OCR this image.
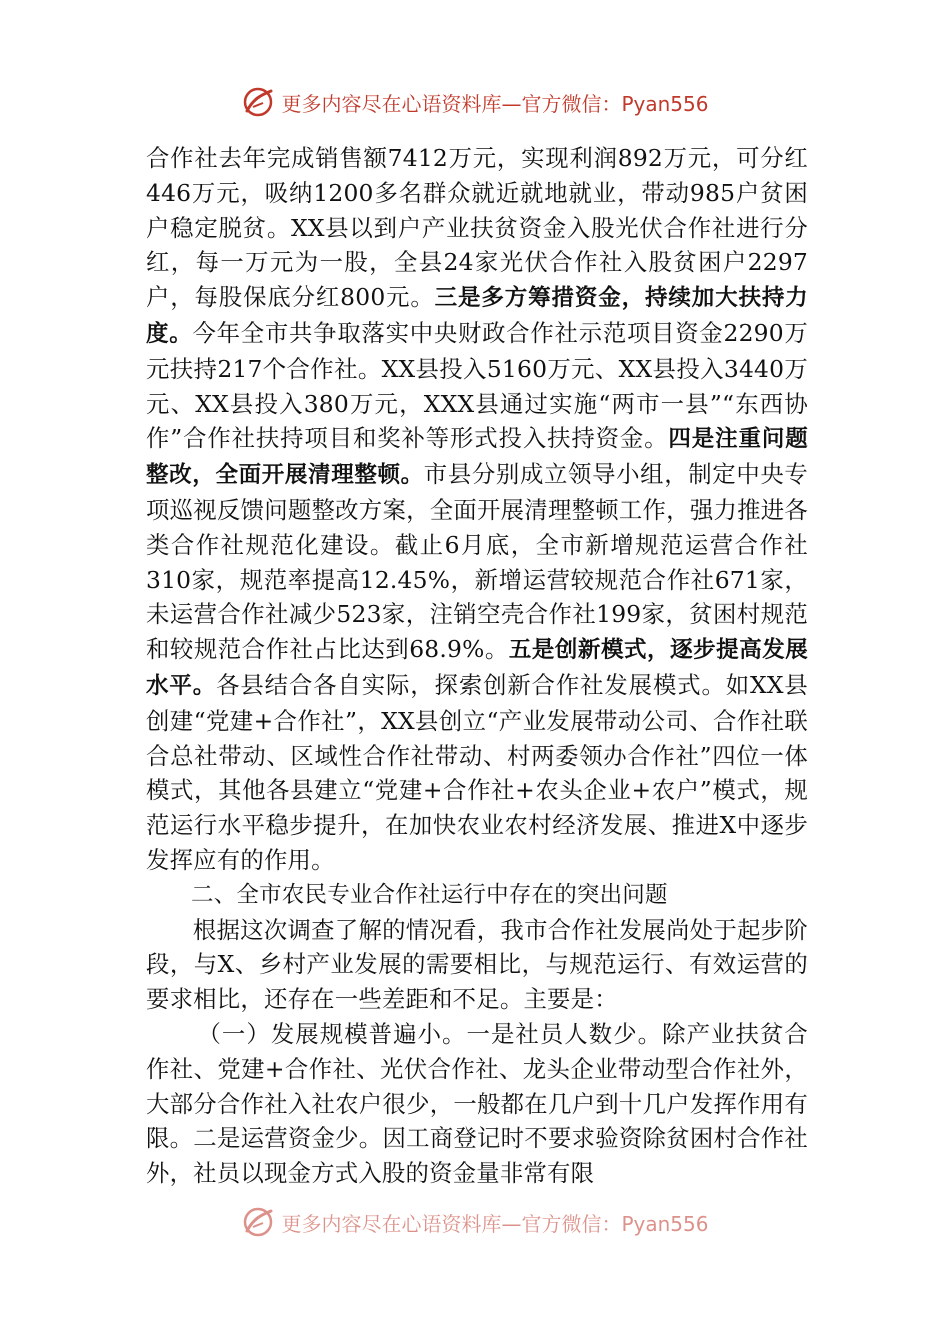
更多内容尽在心语资料库—官方微信：Pyan556

合作社去年完成销售额7412万元，实现利润892万元，可分红446万元，吸纳1200多名群众就近就地就业，带动985户贫困户稳定脱贫。XX县以到户产业扶贫资金入股光伏合作社进行分红，每一万元为一股，全县24家光伏合作社入股贫困户2297户，每股保底分红800元。三是多方筹措资金，持续加大扶持力度。今年全市共争取落实中央财政合作社示范项目资金2290万元扶持217个合作社。XX县投入5160万元、XX县投入3440万元、XX县投入380万元，XXX县通过实施“两市一县”“东西协作”合作社扶持项目和奖补等形式投入扶持资金。四是注重问题整改，全面开展清理整顿。市县分别成立领导小组，制定中央专项巡视反馈问题整改方案，全面开展清理整顿工作，强力推进各类合作社规范化建设。截止6月底，全市新增规范运营合作社310家，规范率提高12.45%，新增运营较规范合作社671家，未运营合作社减少523家，注销空壳合作社199家，贫困村规范和较规范合作社占比达到68.9%。五是创新模式，逐步提高发展水平。各县结合各自实际，探索创新合作社发展模式。如XX县创建“党建+合作社”，XX县创立“产业发展带动公司、合作社联合总社带动、区域性合作社带动、村两委领办合作社”四位一体模式，其他各县建立“党建+合作社+农头企业+农户”模式，规范运行水平稳步提升，在加快农业农村经济发展、推进X中逐步发挥应有的作用。

二、全市农民专业合作社运行中存在的突出问题

根据这次调查了解的情况看，我市合作社发展尚处于起步阶段，与X、乡村产业发展的需要相比，与规范运行、有效运营的要求相比，还存在一些差距和不足。主要是：

（一）发展规模普遍小。一是社员人数少。除产业扶贫合作社、党建+合作社、光伏合作社、龙头企业带动型合作社外，大部分合作社入社农户很少，一般都在几户到十几户发挥作用有限。二是运营资金少。因工商登记时不要求验资除贫困村合作社外，社员以现金方式入股的资金量非常有限

更多内容尽在心语资料库—官方微信：Pyan556
